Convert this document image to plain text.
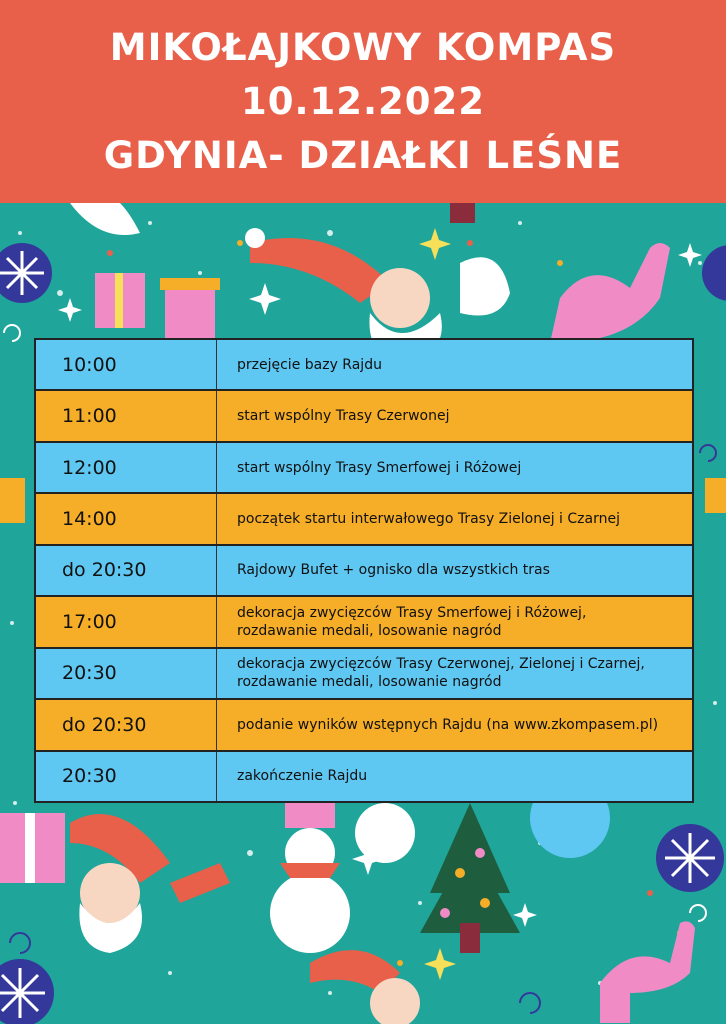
MIKOŁAJKOWY KOMPAS
10.12.2022
GDYNIA- DZIAŁKI LEŚNE
10:00	przejęcie bazy Rajdu
11:00	start wspólny Trasy Czerwonej
12:00	start wspólny Trasy Smerfowej i Różowej
14:00	początek startu interwałowego Trasy Zielonej i Czarnej
do 20:30	Rajdowy Bufet + ognisko dla wszystkich tras
17:00	dekoracja zwycięzców Trasy Smerfowej i Różowej,
rozdawanie medali, losowanie nagród
20:30	dekoracja zwycięzców Trasy Czerwonej, Zielonej i Czarnej,
rozdawanie medali, losowanie nagród
do 20:30	podanie wyników wstępnych Rajdu (na www.zkompasem.pl)
20:30	zakończenie Rajdu
